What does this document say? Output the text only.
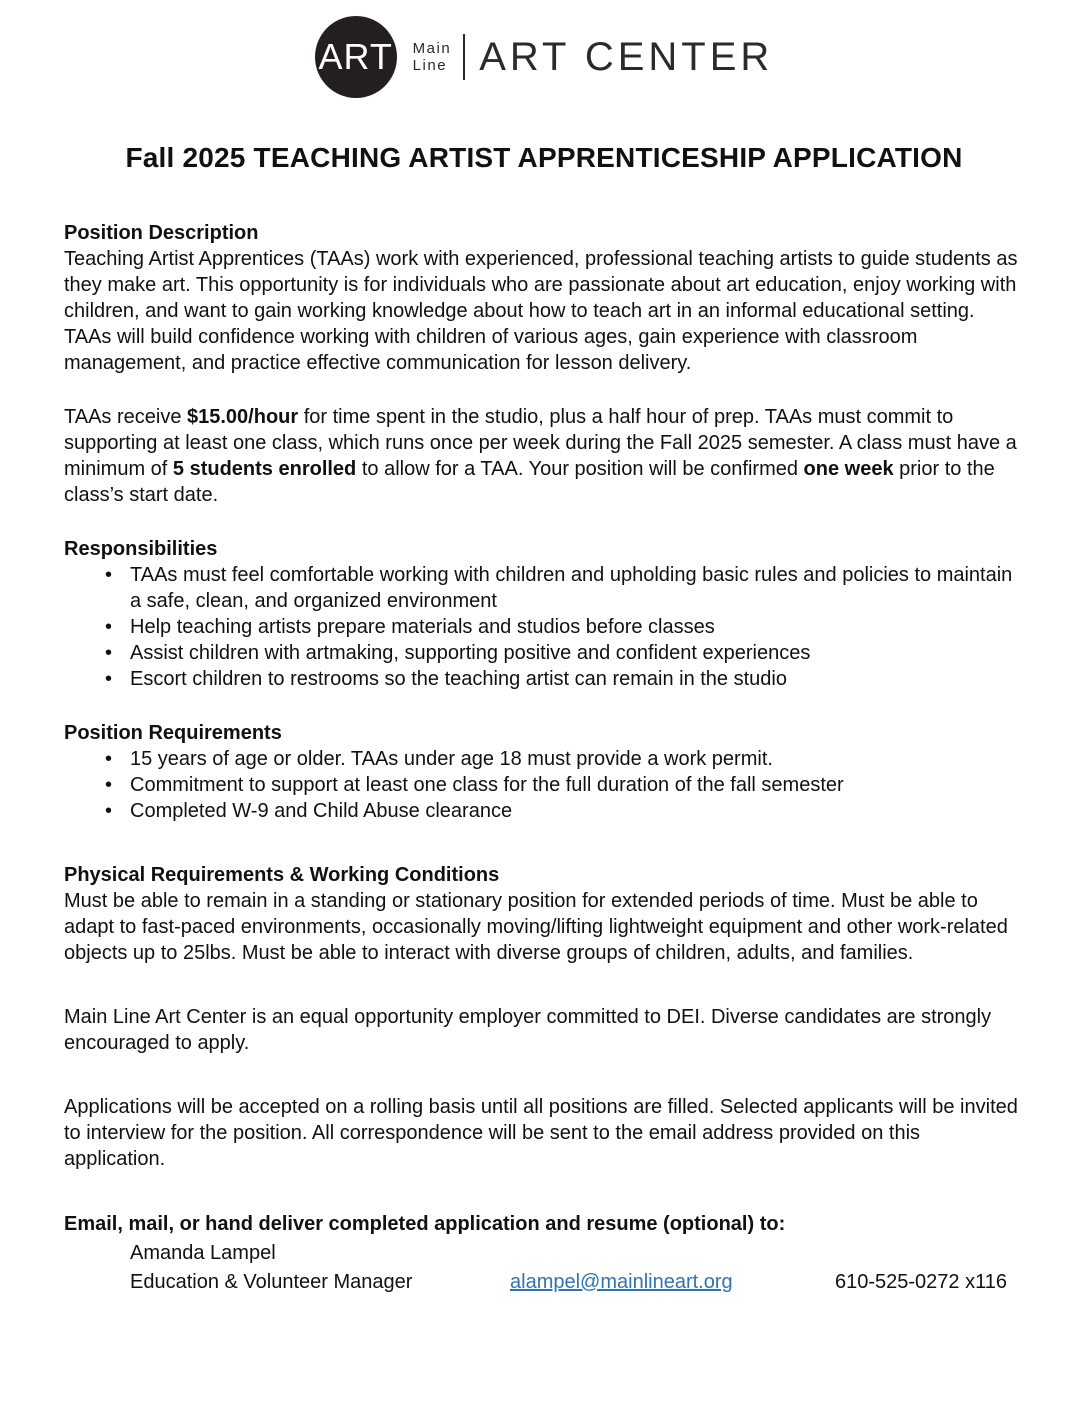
ART Main
Line ART CENTER
Fall 2025 TEACHING ARTIST APPRENTICESHIP APPLICATION
Position Description

Teaching Artist Apprentices (TAAs) work with experienced, professional teaching artists to guide students as they make art. This opportunity is for individuals who are passionate about art education, enjoy working with children, and want to gain working knowledge about how to teach art in an informal educational setting. TAAs will build confidence working with children of various ages, gain experience with classroom management, and practice effective communication for lesson delivery.

TAAs receive $15.00/hour for time spent in the studio, plus a half hour of prep. TAAs must commit to supporting at least one class, which runs once per week during the Fall 2025 semester. A class must have a minimum of 5 students enrolled to allow for a TAA. Your position will be confirmed one week prior to the class’s start date.

Responsibilities
• TAAs must feel comfortable working with children and upholding basic rules and policies to maintain a safe, clean, and organized environment
• Help teaching artists prepare materials and studios before classes
• Assist children with artmaking, supporting positive and confident experiences
• Escort children to restrooms so the teaching artist can remain in the studio
Position Requirements
• 15 years of age or older. TAAs under age 18 must provide a work permit.
• Commitment to support at least one class for the full duration of the fall semester
• Completed W-9 and Child Abuse clearance
Physical Requirements & Working Conditions

Must be able to remain in a standing or stationary position for extended periods of time. Must be able to adapt to fast-paced environments, occasionally moving/lifting lightweight equipment and other work-related objects up to 25lbs. Must be able to interact with diverse groups of children, adults, and families.

Main Line Art Center is an equal opportunity employer committed to DEI. Diverse candidates are strongly encouraged to apply.

Applications will be accepted on a rolling basis until all positions are filled. Selected applicants will be invited to interview for the position. All correspondence will be sent to the email address provided on this application.

Email, mail, or hand deliver completed application and resume (optional) to:

Amanda Lampel
Education & Volunteer Manager	alampel@mainlineart.org	610-525-0272 x116
